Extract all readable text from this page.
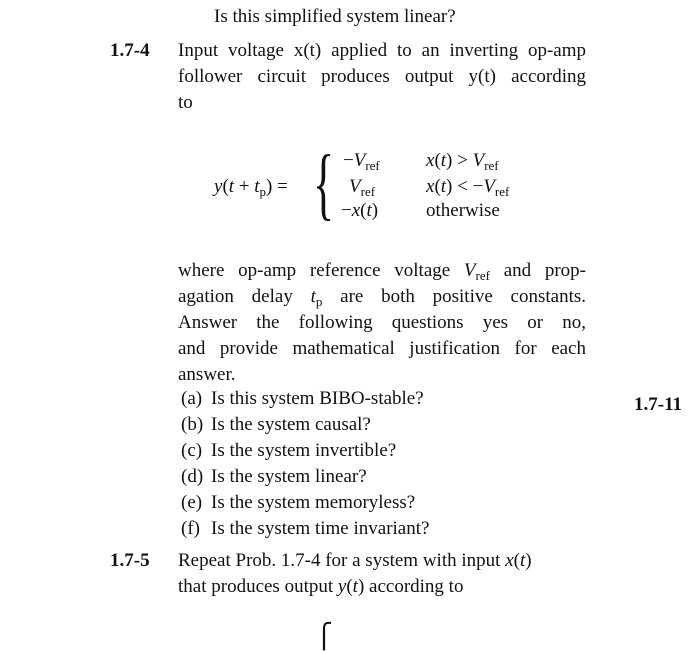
Is this simplified system linear?
1.7-4 Input voltage x(t) applied to an inverting op-amp
follower circuit produces output y(t) according
to
$y(t + t_p)$ = { $-V_{ref}$ $x(t) > V_{ref}$
$V_{ref}$	$x(t) < -V_{ref}$
−x(t)	otherwise
where op-amp reference voltage $V_{ref}$ and prop-
agation delay $t_p$ are both positive constants.
Answer the following questions yes or no,
and provide mathematical justification for each
answer.
(a) Is this system BIBO-stable?
(b) Is the system causal?
(c) Is the system invertible?
(d) Is the system linear?
(e) Is the system memoryless?
(f) Is the system time invariant?
1.7-11
1.7-5 Repeat Prob. 1.7-4 for a system with input x(t)
that produces output y(t) according to
⎧
